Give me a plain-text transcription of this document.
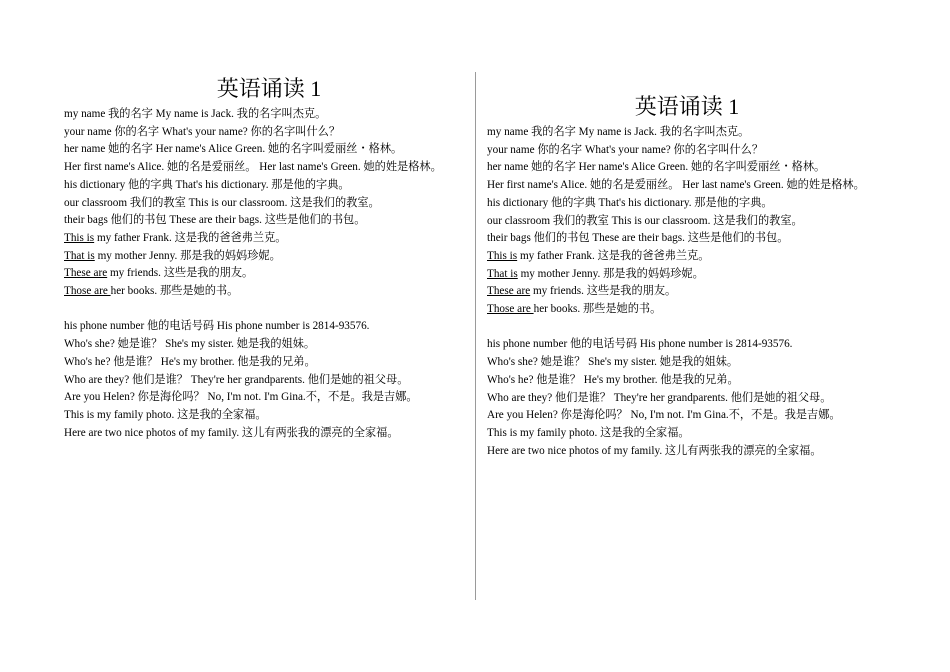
英语诵读 1
my name 我的名字 My name is Jack. 我的名字叫杰克。
your name 你的名字 What's your name? 你的名字叫什么？
her name 她的名字 Her name's Alice Green. 她的名字叫爱丽丝・格林。
Her first name's Alice. 她的名是爱丽丝。 Her last name's Green. 她的姓是格林。
his dictionary 他的字典 That's his dictionary. 那是他的字典。
our classroom 我们的教室 This is our classroom. 这是我们的教室。
their bags 他们的书包 These are their bags. 这些是他们的书包。
This is my father Frank. 这是我的爸爸弗兰克。
That is my mother Jenny. 那是我的妈妈珍妮。
These are my friends. 这些是我的朋友。
Those are her books. 那些是她的书。
his phone number 他的电话号码 His phone number is 2814-93576.
Who's she? 她是谁？ She's my sister. 她是我的姐妹。
Who's he? 他是谁？ He's my brother. 他是我的兄弟。
Who are they? 他们是谁？ They're her grandparents. 他们是她的祖父母。
Are you Helen? 你是海伦吗？ No, I'm not. I'm Gina.不，不是。我是吉娜。
This is my family photo. 这是我的全家福。
Here are two nice photos of my family. 这儿有两张我的漂亮的全家福。
英语诵读 1
my name 我的名字 My name is Jack. 我的名字叫杰克。
your name 你的名字 What's your name? 你的名字叫什么？
her name 她的名字 Her name's Alice Green. 她的名字叫爱丽丝・格林。
Her first name's Alice. 她的名是爱丽丝。 Her last name's Green. 她的姓是格林。
his dictionary 他的字典 That's his dictionary. 那是他的字典。
our classroom 我们的教室 This is our classroom. 这是我们的教室。
their bags 他们的书包 These are their bags. 这些是他们的书包。
This is my father Frank. 这是我的爸爸弗兰克。
That is my mother Jenny. 那是我的妈妈珍妮。
These are my friends. 这些是我的朋友。
Those are her books. 那些是她的书。
his phone number 他的电话号码 His phone number is 2814-93576.
Who's she? 她是谁？ She's my sister. 她是我的姐妹。
Who's he? 他是谁？ He's my brother. 他是我的兄弟。
Who are they? 他们是谁？ They're her grandparents. 他们是她的祖父母。
Are you Helen? 你是海伦吗？ No, I'm not. I'm Gina.不，不是。我是吉娜。
This is my family photo. 这是我的全家福。
Here are two nice photos of my family. 这儿有两张我的漂亮的全家福。
